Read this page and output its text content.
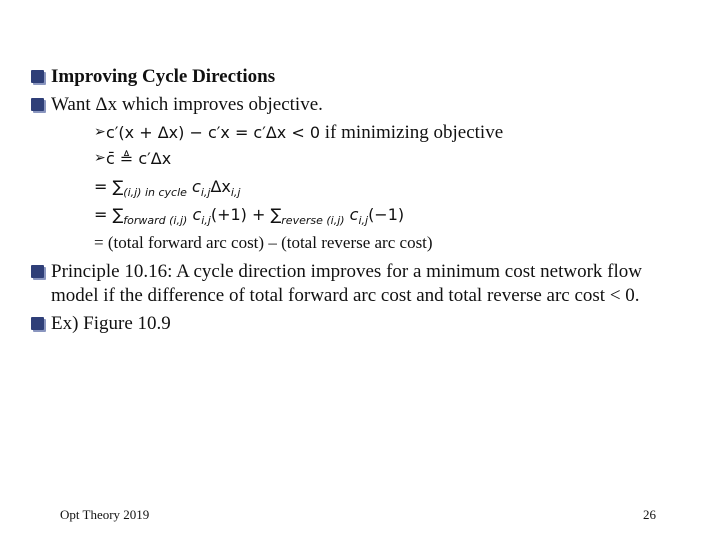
Improving Cycle Directions
Want Δx which improves objective.
➢ c′(x + Δx) − c′x = c′Δx < 0 if minimizing objective
➢ c̄ ≜ c′Δx
= $\sum_{(i,j) in cycle}$ $c_{i,j}\Delta x_{i,j}$
= $\sum_{forward (i,j)}$ $c_{i,j}(+1) + \sum_{reverse (i,j)}$ $c_{i,j}(-1)$
= (total forward arc cost) – (total reverse arc cost)
Principle 10.16: A cycle direction improves for a minimum cost network flow
model if the difference of total forward arc cost and total reverse arc cost < 0.
Ex) Figure 10.9
Opt Theory 2019	26
